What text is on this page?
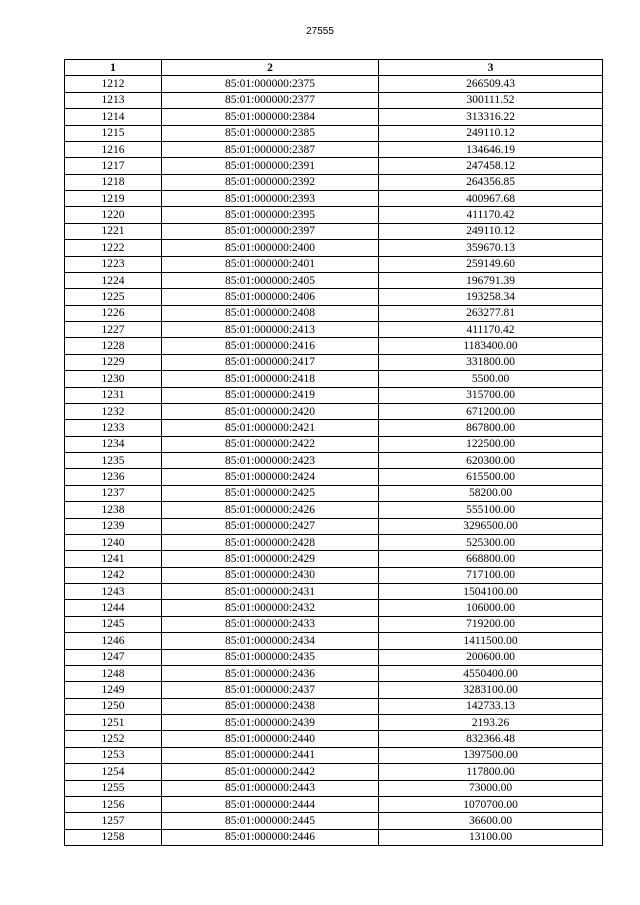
27555
1	2	3
1212	85:01:000000:2375	266509.43
1213	85:01:000000:2377	300111.52
1214	85:01:000000:2384	313316.22
1215	85:01:000000:2385	249110.12
1216	85:01:000000:2387	134646.19
1217	85:01:000000:2391	247458.12
1218	85:01:000000:2392	264356.85
1219	85:01:000000:2393	400967.68
1220	85:01:000000:2395	411170.42
1221	85:01:000000:2397	249110.12
1222	85:01:000000:2400	359670.13
1223	85:01:000000:2401	259149.60
1224	85:01:000000:2405	196791.39
1225	85:01:000000:2406	193258.34
1226	85:01:000000:2408	263277.81
1227	85:01:000000:2413	411170.42
1228	85:01:000000:2416	1183400.00
1229	85:01:000000:2417	331800.00
1230	85:01:000000:2418	5500.00
1231	85:01:000000:2419	315700.00
1232	85:01:000000:2420	671200.00
1233	85:01:000000:2421	867800.00
1234	85:01:000000:2422	122500.00
1235	85:01:000000:2423	620300.00
1236	85:01:000000:2424	615500.00
1237	85:01:000000:2425	58200.00
1238	85:01:000000:2426	555100.00
1239	85:01:000000:2427	3296500.00
1240	85:01:000000:2428	525300.00
1241	85:01:000000:2429	668800.00
1242	85:01:000000:2430	717100.00
1243	85:01:000000:2431	1504100.00
1244	85:01:000000:2432	106000.00
1245	85:01:000000:2433	719200.00
1246	85:01:000000:2434	1411500.00
1247	85:01:000000:2435	200600.00
1248	85:01:000000:2436	4550400.00
1249	85:01:000000:2437	3283100.00
1250	85:01:000000:2438	142733.13
1251	85:01:000000:2439	2193.26
1252	85:01:000000:2440	832366.48
1253	85:01:000000:2441	1397500.00
1254	85:01:000000:2442	117800.00
1255	85:01:000000:2443	73000.00
1256	85:01:000000:2444	1070700.00
1257	85:01:000000:2445	36600.00
1258	85:01:000000:2446	13100.00
